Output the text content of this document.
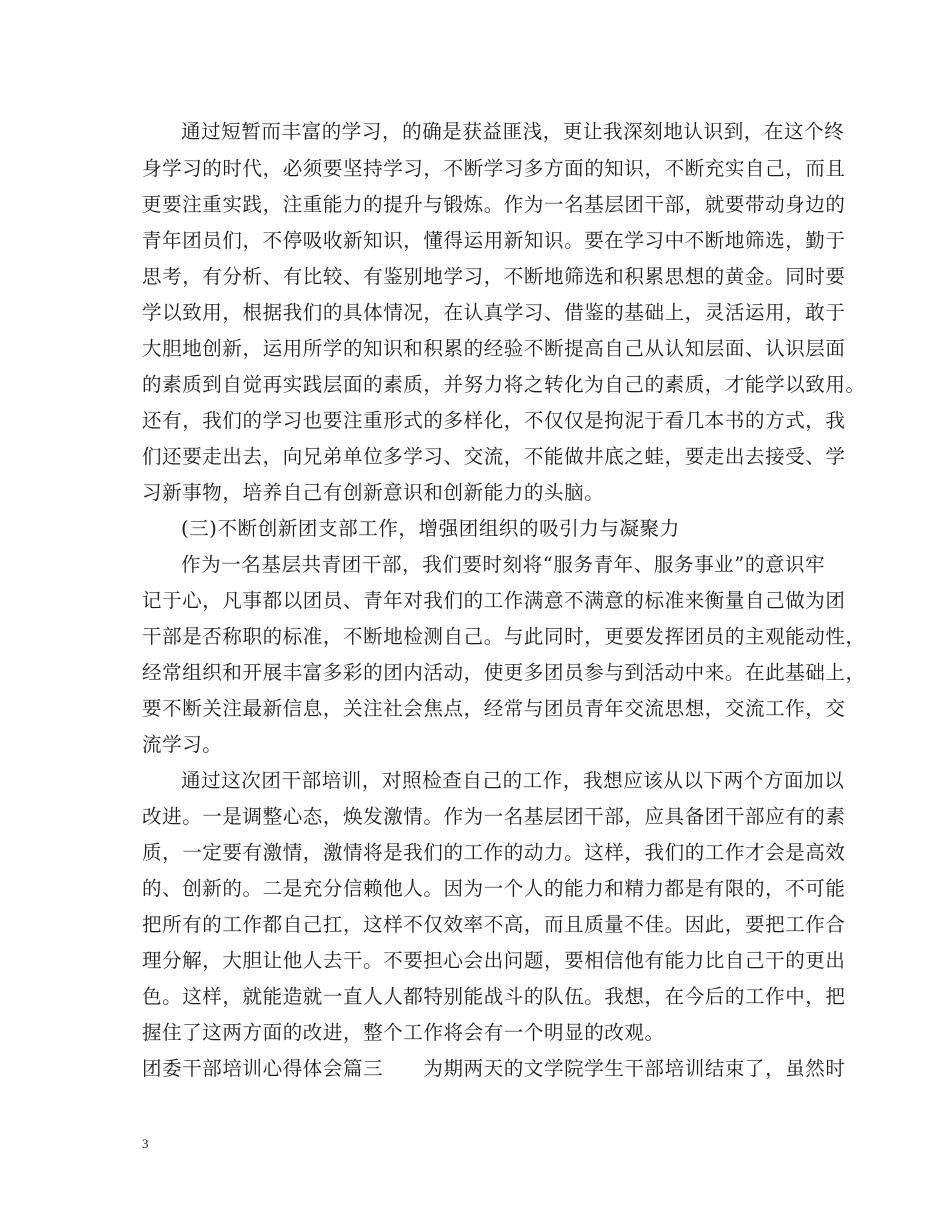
通过短暂而丰富的学习，的确是获益匪浅，更让我深刻地认识到，在这个终
身学习的时代，必须要坚持学习，不断学习多方面的知识，不断充实自己，而且
更要注重实践，注重能力的提升与锻炼。作为一名基层团干部，就要带动身边的
青年团员们，不停吸收新知识，懂得运用新知识。要在学习中不断地筛选，勤于
思考，有分析、有比较、有鉴别地学习，不断地筛选和积累思想的黄金。同时要
学以致用，根据我们的具体情况，在认真学习、借鉴的基础上，灵活运用，敢于
大胆地创新，运用所学的知识和积累的经验不断提高自己从认知层面、认识层面
的素质到自觉再实践层面的素质，并努力将之转化为自己的素质，才能学以致用。
还有，我们的学习也要注重形式的多样化，不仅仅是拘泥于看几本书的方式，我
们还要走出去，向兄弟单位多学习、交流，不能做井底之蛙，要走出去接受、学
习新事物，培养自己有创新意识和创新能力的头脑。
(三)不断创新团支部工作，增强团组织的吸引力与凝聚力
作为一名基层共青团干部，我们要时刻将“服务青年、服务事业”的意识牢
记于心，凡事都以团员、青年对我们的工作满意不满意的标准来衡量自己做为团
干部是否称职的标准，不断地检测自己。与此同时，更要发挥团员的主观能动性，
经常组织和开展丰富多彩的团内活动，使更多团员参与到活动中来。在此基础上，
要不断关注最新信息，关注社会焦点，经常与团员青年交流思想，交流工作，交
流学习。
通过这次团干部培训，对照检查自己的工作，我想应该从以下两个方面加以
改进。一是调整心态，焕发激情。作为一名基层团干部，应具备团干部应有的素
质，一定要有激情，激情将是我们的工作的动力。这样，我们的工作才会是高效
的、创新的。二是充分信赖他人。因为一个人的能力和精力都是有限的，不可能
把所有的工作都自己扛，这样不仅效率不高，而且质量不佳。因此，要把工作合
理分解，大胆让他人去干。不要担心会出问题，要相信他有能力比自己干的更出
色。这样，就能造就一直人人都特别能战斗的队伍。我想，在今后的工作中，把
握住了这两方面的改进，整个工作将会有一个明显的改观。
团委干部培训心得体会篇三　　为期两天的文学院学生干部培训结束了，虽然时
3
